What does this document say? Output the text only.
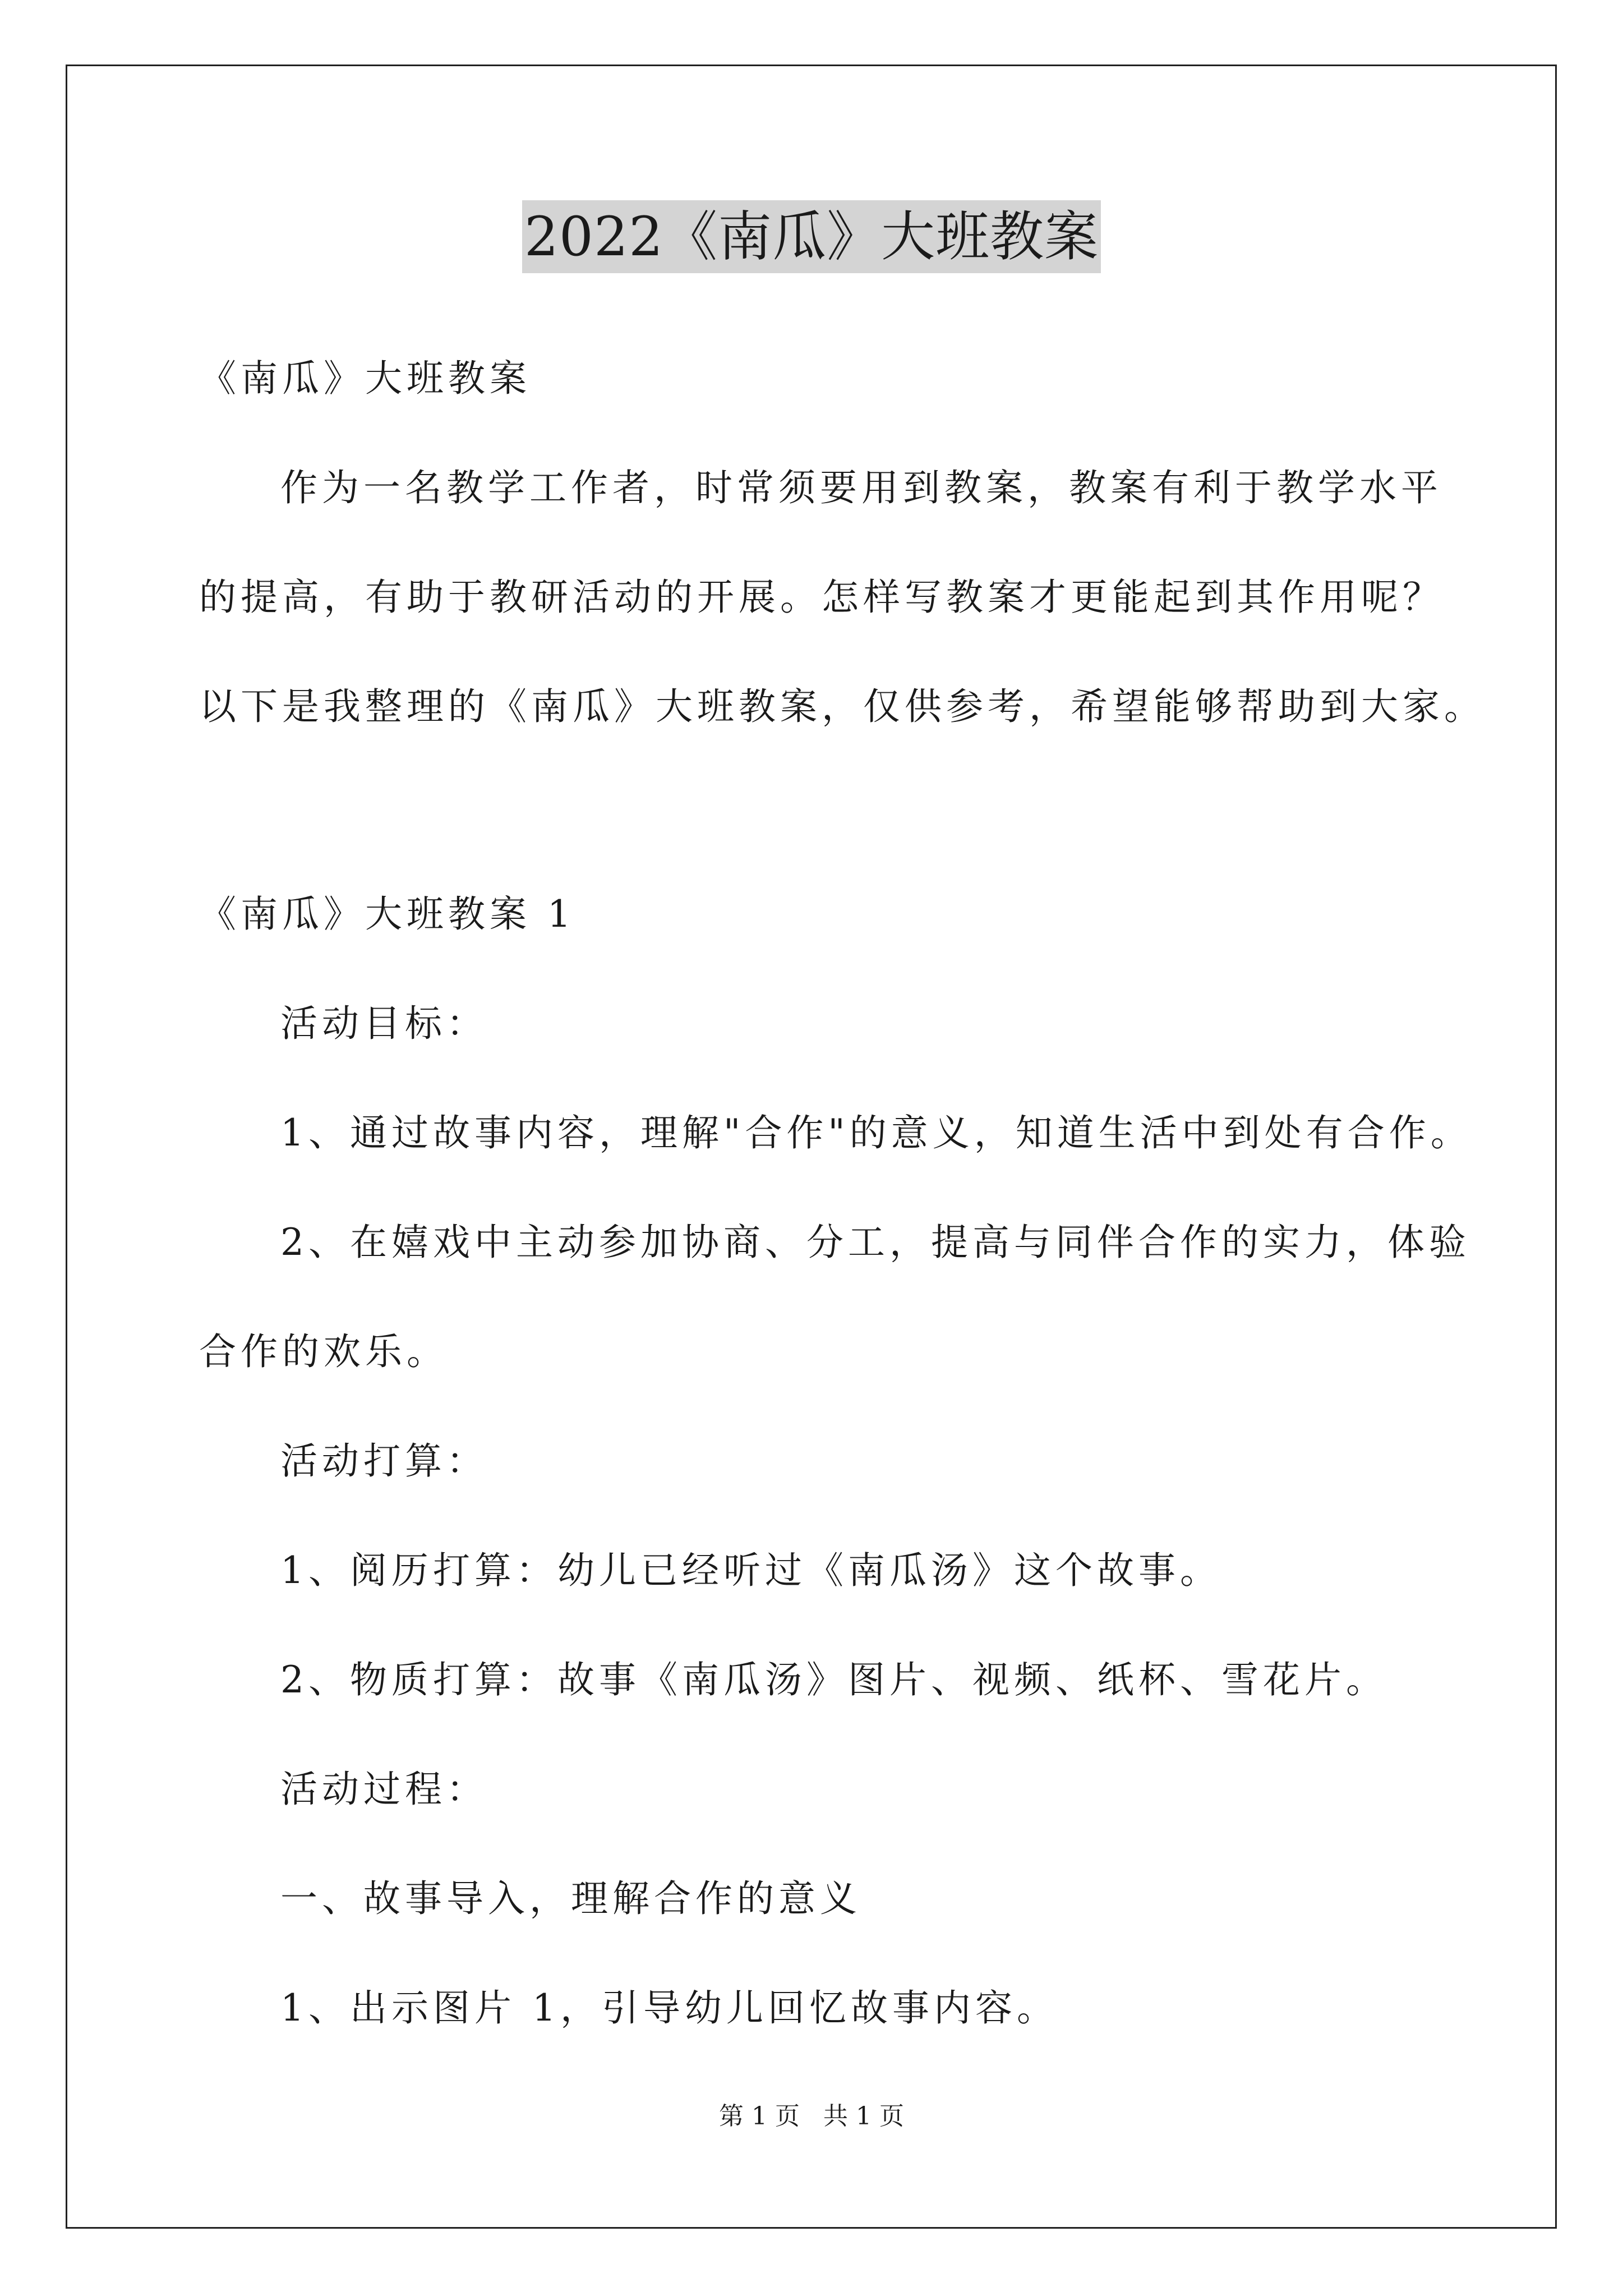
2022《南瓜》大班教案

《南瓜》大班教案

作为一名教学工作者，时常须要用到教案，教案有利于教学水平

的提高，有助于教研活动的开展。怎样写教案才更能起到其作用呢？

以下是我整理的《南瓜》大班教案，仅供参考，希望能够帮助到大家。

《南瓜》大班教案 1

活动目标：

1、通过故事内容，理解"合作"的意义，知道生活中到处有合作。

2、在嬉戏中主动参加协商、分工，提高与同伴合作的实力，体验

合作的欢乐。

活动打算：

1、阅历打算：幼儿已经听过《南瓜汤》这个故事。

2、物质打算：故事《南瓜汤》图片、视频、纸杯、雪花片。

活动过程：

一、故事导入，理解合作的意义

1、出示图片 1，引导幼儿回忆故事内容。

第 1 页   共 1 页
